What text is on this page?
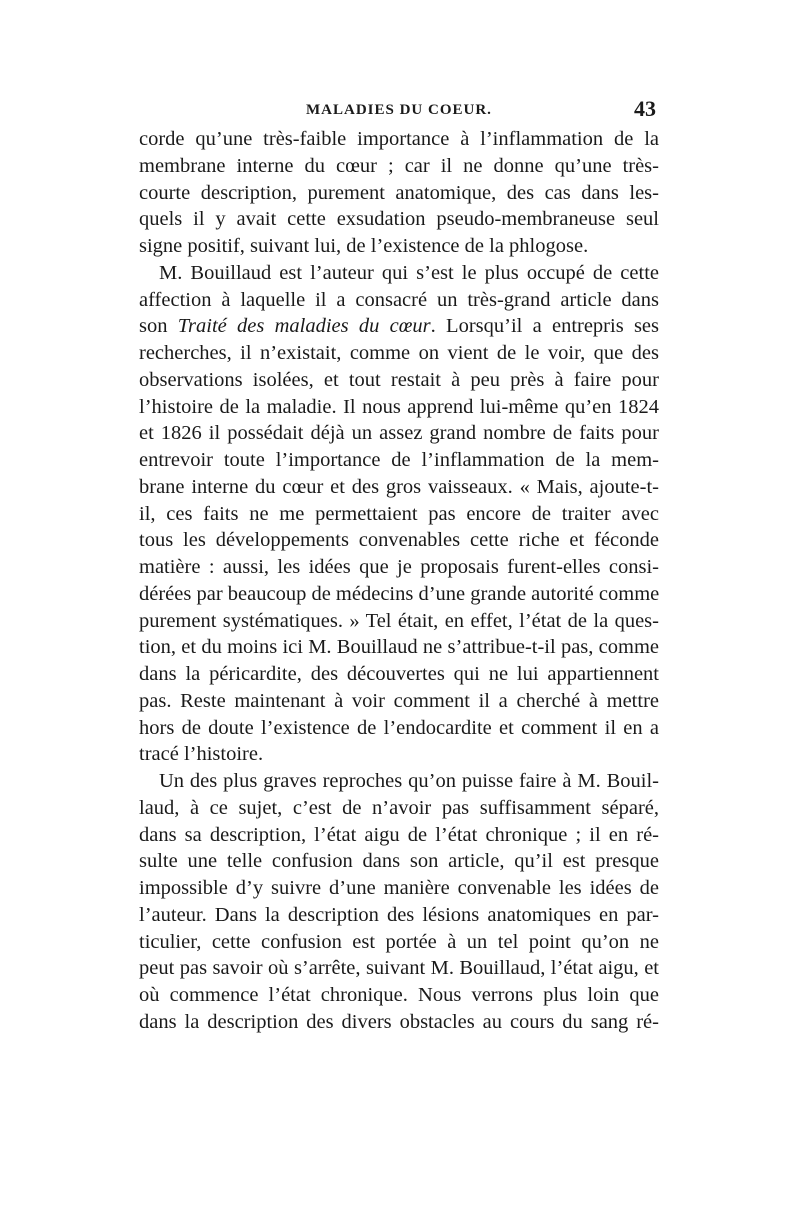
MALADIES DU COEUR.	43
corde qu’une très-faible importance à l’inflammation de la
membrane interne du cœur ; car il ne donne qu’une très-
courte description, purement anatomique, des cas dans les-
quels il y avait cette exsudation pseudo-membraneuse seul
signe positif, suivant lui, de l’existence de la phlogose.
M. Bouillaud est l’auteur qui s’est le plus occupé de cette
affection à laquelle il a consacré un très-grand article dans
son Traité des maladies du cœur. Lorsqu’il a entrepris ses
recherches, il n’existait, comme on vient de le voir, que des
observations isolées, et tout restait à peu près à faire pour
l’histoire de la maladie. Il nous apprend lui-même qu’en 1824
et 1826 il possédait déjà un assez grand nombre de faits pour
entrevoir toute l’importance de l’inflammation de la mem-
brane interne du cœur et des gros vaisseaux. « Mais, ajoute-t-
il, ces faits ne me permettaient pas encore de traiter avec
tous les développements convenables cette riche et féconde
matière : aussi, les idées que je proposais furent-elles consi-
dérées par beaucoup de médecins d’une grande autorité comme
purement systématiques. » Tel était, en effet, l’état de la ques-
tion, et du moins ici M. Bouillaud ne s’attribue-t-il pas, comme
dans la péricardite, des découvertes qui ne lui appartiennent
pas. Reste maintenant à voir comment il a cherché à mettre
hors de doute l’existence de l’endocardite et comment il en a
tracé l’histoire.
Un des plus graves reproches qu’on puisse faire à M. Bouil-
laud, à ce sujet, c’est de n’avoir pas suffisamment séparé,
dans sa description, l’état aigu de l’état chronique ; il en ré-
sulte une telle confusion dans son article, qu’il est presque
impossible d’y suivre d’une manière convenable les idées de
l’auteur. Dans la description des lésions anatomiques en par-
ticulier, cette confusion est portée à un tel point qu’on ne
peut pas savoir où s’arrête, suivant M. Bouillaud, l’état aigu, et
où commence l’état chronique. Nous verrons plus loin que
dans la description des divers obstacles au cours du sang ré-
